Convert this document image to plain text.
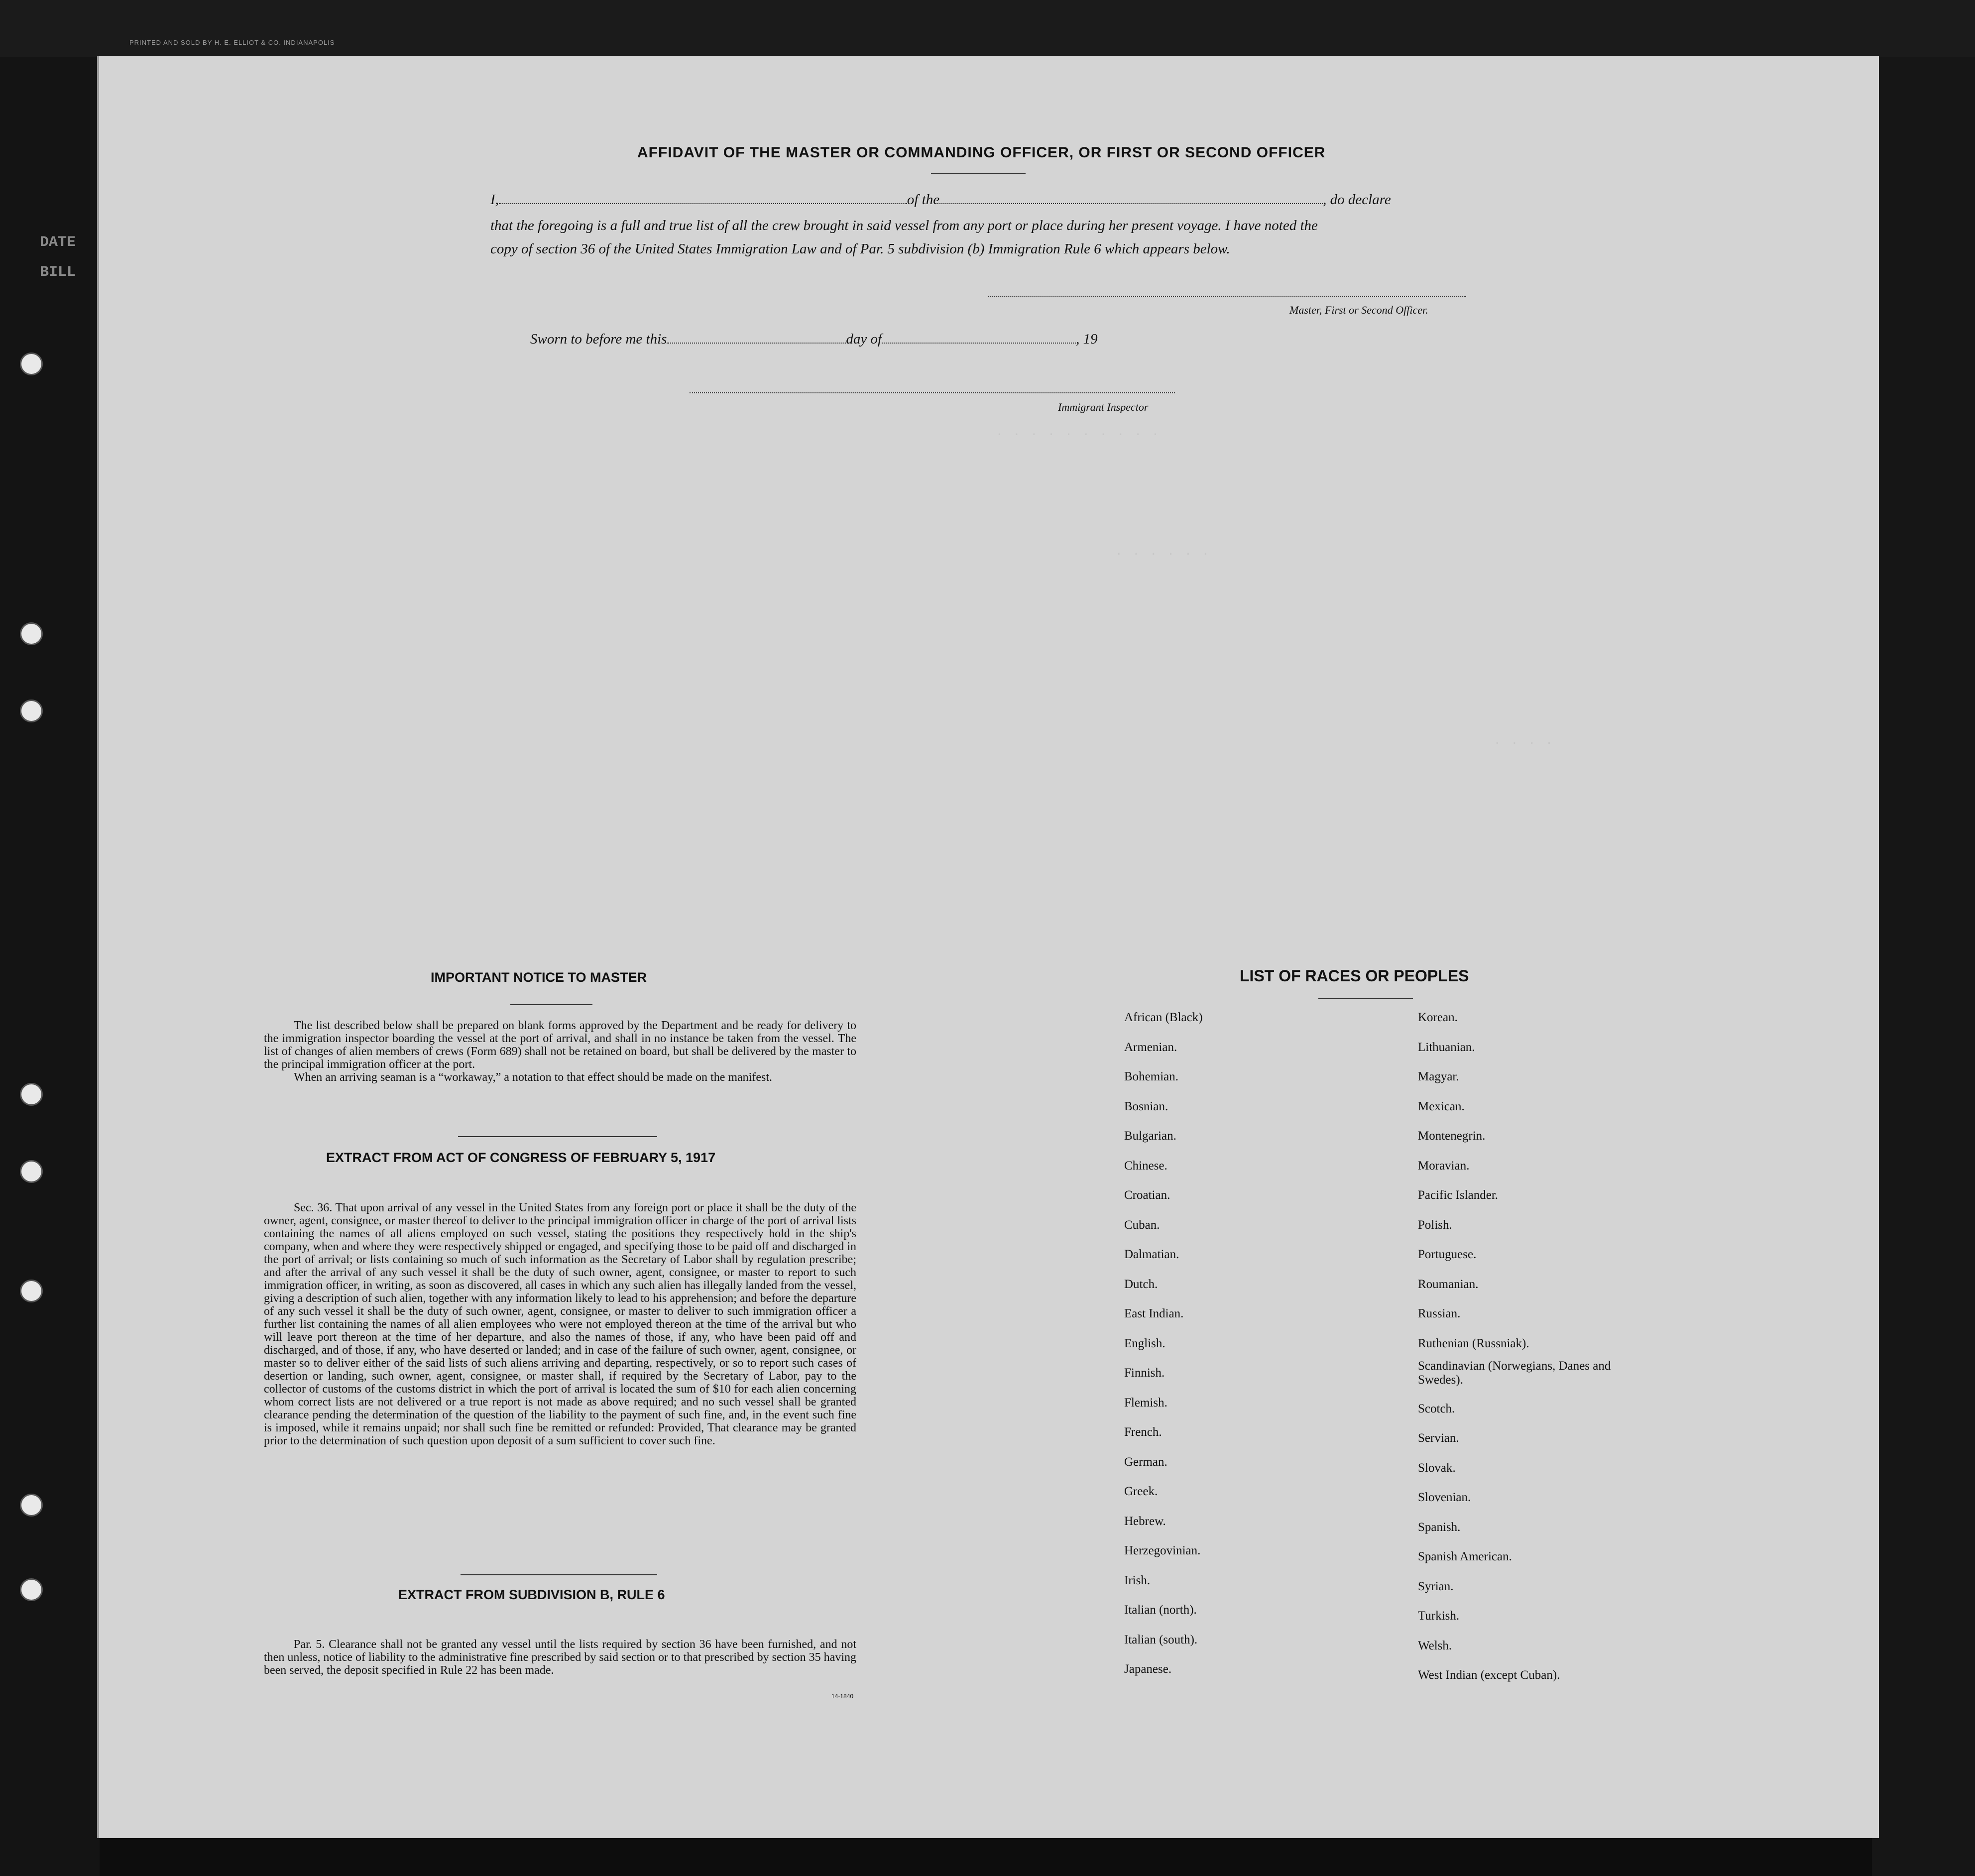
PRINTED AND SOLD BY H. E. ELLIOT & CO. INDIANAPOLIS
DATE
BILL
AFFIDAVIT OF THE MASTER OR COMMANDING OFFICER, OR FIRST OR SECOND OFFICER
I,	of the	, do declare
that the foregoing is a full and true list of all the crew brought in said vessel from any port or place during her present voyage. I have noted the
copy of section 36 of the United States Immigration Law and of Par. 5 subdivision (b) Immigration Rule 6 which appears below.
Master, First or Second Officer.
Sworn to before me this	day of	, 19
Immigrant Inspector
· · · · · · · · · ·
· · · · · ·
· · · ·
IMPORTANT NOTICE TO MASTER

The list described below shall be prepared on blank forms approved by the Department and be ready for delivery to the immigration inspector boarding the vessel at the port of arrival, and shall in no instance be taken from the vessel. The list of changes of alien members of crews (Form 689) shall not be retained on board, but shall be delivered by the master to the principal immigration officer at the port.

When an arriving seaman is a “workaway,” a notation to that effect should be made on the manifest.

EXTRACT FROM ACT OF CONGRESS OF FEBRUARY 5, 1917

Sec. 36. That upon arrival of any vessel in the United States from any foreign port or place it shall be the duty of the owner, agent, consignee, or master thereof to deliver to the principal immigration officer in charge of the port of arrival lists containing the names of all aliens employed on such vessel, stating the positions they respectively hold in the ship's company, when and where they were respectively shipped or engaged, and specifying those to be paid off and discharged in the port of arrival; or lists containing so much of such information as the Secretary of Labor shall by regulation prescribe; and after the arrival of any such vessel it shall be the duty of such owner, agent, consignee, or master to report to such immigration officer, in writing, as soon as discovered, all cases in which any such alien has illegally landed from the vessel, giving a description of such alien, together with any information likely to lead to his apprehension; and before the departure of any such vessel it shall be the duty of such owner, agent, consignee, or master to deliver to such immigration officer a further list containing the names of all alien employees who were not employed thereon at the time of the arrival but who will leave port thereon at the time of her departure, and also the names of those, if any, who have been paid off and discharged, and of those, if any, who have deserted or landed; and in case of the failure of such owner, agent, consignee, or master so to deliver either of the said lists of such aliens arriving and departing, respectively, or so to report such cases of desertion or landing, such owner, agent, consignee, or master shall, if required by the Secretary of Labor, pay to the collector of customs of the customs district in which the port of arrival is located the sum of $10 for each alien concerning whom correct lists are not delivered or a true report is not made as above required; and no such vessel shall be granted clearance pending the determination of the question of the liability to the payment of such fine, and, in the event such fine is imposed, while it remains unpaid; nor shall such fine be remitted or refunded: Provided, That clearance may be granted prior to the determination of such question upon deposit of a sum sufficient to cover such fine.

EXTRACT FROM SUBDIVISION B, RULE 6

Par. 5. Clearance shall not be granted any vessel until the lists required by section 36 have been furnished, and not then unless, notice of liability to the administrative fine prescribed by said section or to that prescribed by section 35 having been served, the deposit specified in Rule 22 has been made.

14-1840
LIST OF RACES OR PEOPLES
African (Black)
Armenian.
Bohemian.
Bosnian.
Bulgarian.
Chinese.
Croatian.
Cuban.
Dalmatian.
Dutch.
East Indian.
English.
Finnish.
Flemish.
French.
German.
Greek.
Hebrew.
Herzegovinian.
Irish.
Italian (north).
Italian (south).
Japanese.
Korean.
Lithuanian.
Magyar.
Mexican.
Montenegrin.
Moravian.
Pacific Islander.
Polish.
Portuguese.
Roumanian.
Russian.
Ruthenian (Russniak).
Scandinavian (Norwegians, Danes and Swedes).
Scotch.
Servian.
Slovak.
Slovenian.
Spanish.
Spanish American.
Syrian.
Turkish.
Welsh.
West Indian (except Cuban).
